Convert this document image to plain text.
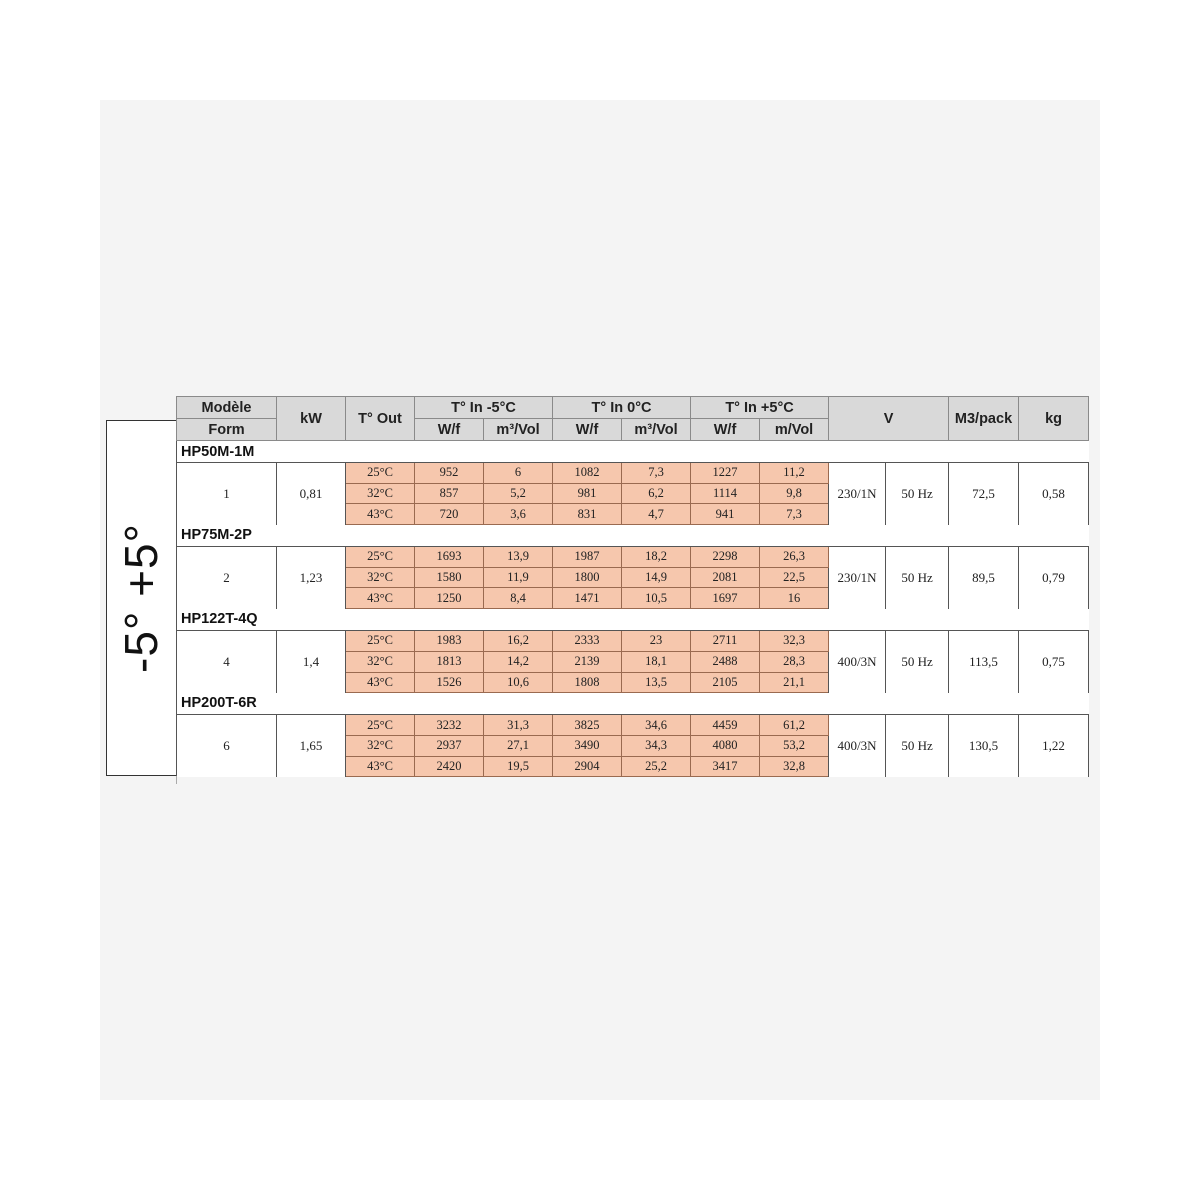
-5° +5°
Modèle	kW	T° Out	T° In -5°C		T° In 0°C		T° In +5°C		V		M3/pack	kg
Form			W/f	m³/Vol	W/f	m³/Vol	W/f	m/Vol				
HP50M-1M												
1	0,81	25°C	952	6	1082	7,3	1227	11,2	230/1N	50 Hz	72,5	0,58
		32°C	857	5,2	981	6,2	1114	9,8				
		43°C	720	3,6	831	4,7	941	7,3				
HP75M-2P												
2	1,23	25°C	1693	13,9	1987	18,2	2298	26,3	230/1N	50 Hz	89,5	0,79
		32°C	1580	11,9	1800	14,9	2081	22,5				
		43°C	1250	8,4	1471	10,5	1697	16				
HP122T-4Q												
4	1,4	25°C	1983	16,2	2333	23	2711	32,3	400/3N	50 Hz	113,5	0,75
		32°C	1813	14,2	2139	18,1	2488	28,3				
		43°C	1526	10,6	1808	13,5	2105	21,1				
HP200T-6R												
6	1,65	25°C	3232	31,3	3825	34,6	4459	61,2	400/3N	50 Hz	130,5	1,22
		32°C	2937	27,1	3490	34,3	4080	53,2				
		43°C	2420	19,5	2904	25,2	3417	32,8				
